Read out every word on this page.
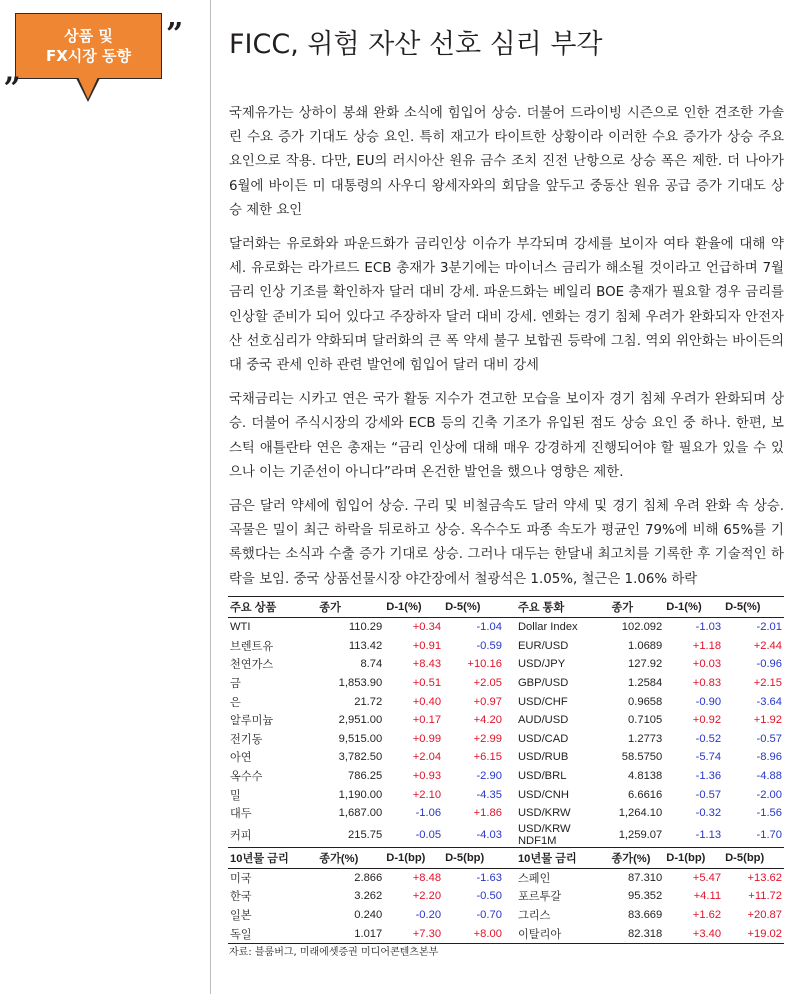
상품 및
FX시장 동향
”
„
FICC, 위험 자산 선호 심리 부각

국제유가는 상하이 봉쇄 완화 소식에 힘입어 상승. 더불어 드라이빙 시즌으로 인한 견조한 가솔린 수요 증가 기대도 상승 요인. 특히 재고가 타이트한 상황이라 이러한 수요 증가가 상승 주요 요인으로 작용. 다만, EU의 러시아산 원유 금수 조치 진전 난항으로 상승 폭은 제한. 더 나아가 6월에 바이든 미 대통령의 사우디 왕세자와의 회담을 앞두고 중동산 원유 공급 증가 기대도 상승 제한 요인

달러화는 유로화와 파운드화가 금리인상 이슈가 부각되며 강세를 보이자 여타 환율에 대해 약세. 유로화는 라가르드 ECB 총재가 3분기에는 마이너스 금리가 해소될 것이라고 언급하며 7월 금리 인상 기조를 확인하자 달러 대비 강세. 파운드화는 베일리 BOE 총재가 필요할 경우 금리를 인상할 준비가 되어 있다고 주장하자 달러 대비 강세. 엔화는 경기 침체 우려가 완화되자 안전자산 선호심리가 약화되며 달러화의 큰 폭 약세 불구 보합권 등락에 그침. 역외 위안화는 바이든의 대 중국 관세 인하 관련 발언에 힘입어 달러 대비 강세

국채금리는 시카고 연은 국가 활동 지수가 견고한 모습을 보이자 경기 침체 우려가 완화되며 상승. 더불어 주식시장의 강세와 ECB 등의 긴축 기조가 유입된 점도 상승 요인 중 하나. 한편, 보스틱 애틀란타 연은 총재는 “금리 인상에 대해 매우 강경하게 진행되어야 할 필요가 있을 수 있으나 이는 기준선이 아니다”라며 온건한 발언을 했으나 영향은 제한.

금은 달러 약세에 힘입어 상승. 구리 및 비철금속도 달러 약세 및 경기 침체 우려 완화 속 상승. 곡물은 밀이 최근 하락을 뒤로하고 상승. 옥수수도 파종 속도가 평균인 79%에 비해 65%를 기록했다는 소식과 수출 증가 기대로 상승. 그러나 대두는 한달내 최고치를 기록한 후 기술적인 하락을 보임. 중국 상품선물시장 야간장에서 철광석은 1.05%, 철근은 1.06% 하락

주요 상품	종가	D-1(%)	D-5(%)	주요 통화	종가	D-1(%)	D-5(%)
WTI	110.29	+0.34	-1.04	Dollar Index	102.092	-1.03	-2.01
브렌트유	113.42	+0.91	-0.59	EUR/USD	1.0689	+1.18	+2.44
천연가스	8.74	+8.43	+10.16	USD/JPY	127.92	+0.03	-0.96
금	1,853.90	+0.51	+2.05	GBP/USD	1.2584	+0.83	+2.15
은	21.72	+0.40	+0.97	USD/CHF	0.9658	-0.90	-3.64
알루미늄	2,951.00	+0.17	+4.20	AUD/USD	0.7105	+0.92	+1.92
전기동	9,515.00	+0.99	+2.99	USD/CAD	1.2773	-0.52	-0.57
아연	3,782.50	+2.04	+6.15	USD/RUB	58.5750	-5.74	-8.96
옥수수	786.25	+0.93	-2.90	USD/BRL	4.8138	-1.36	-4.88
밀	1,190.00	+2.10	-4.35	USD/CNH	6.6616	-0.57	-2.00
대두	1,687.00	-1.06	+1.86	USD/KRW	1,264.10	-0.32	-1.56
커피	215.75	-0.05	-4.03	USD/KRW NDF1M	1,259.07	-1.13	-1.70
10년물 금리	종가(%)	D-1(bp)	D-5(bp)	10년물 금리	종가(%)	D-1(bp)	D-5(bp)
미국	2.866	+8.48	-1.63	스페인	87.310	+5.47	+13.62
한국	3.262	+2.20	-0.50	포르투갈	95.352	+4.11	+11.72
일본	0.240	-0.20	-0.70	그리스	83.669	+1.62	+20.87
독일	1.017	+7.30	+8.00	이탈리아	82.318	+3.40	+19.02
자료: 블룸버그, 미래에셋증권 미디어콘텐츠본부
